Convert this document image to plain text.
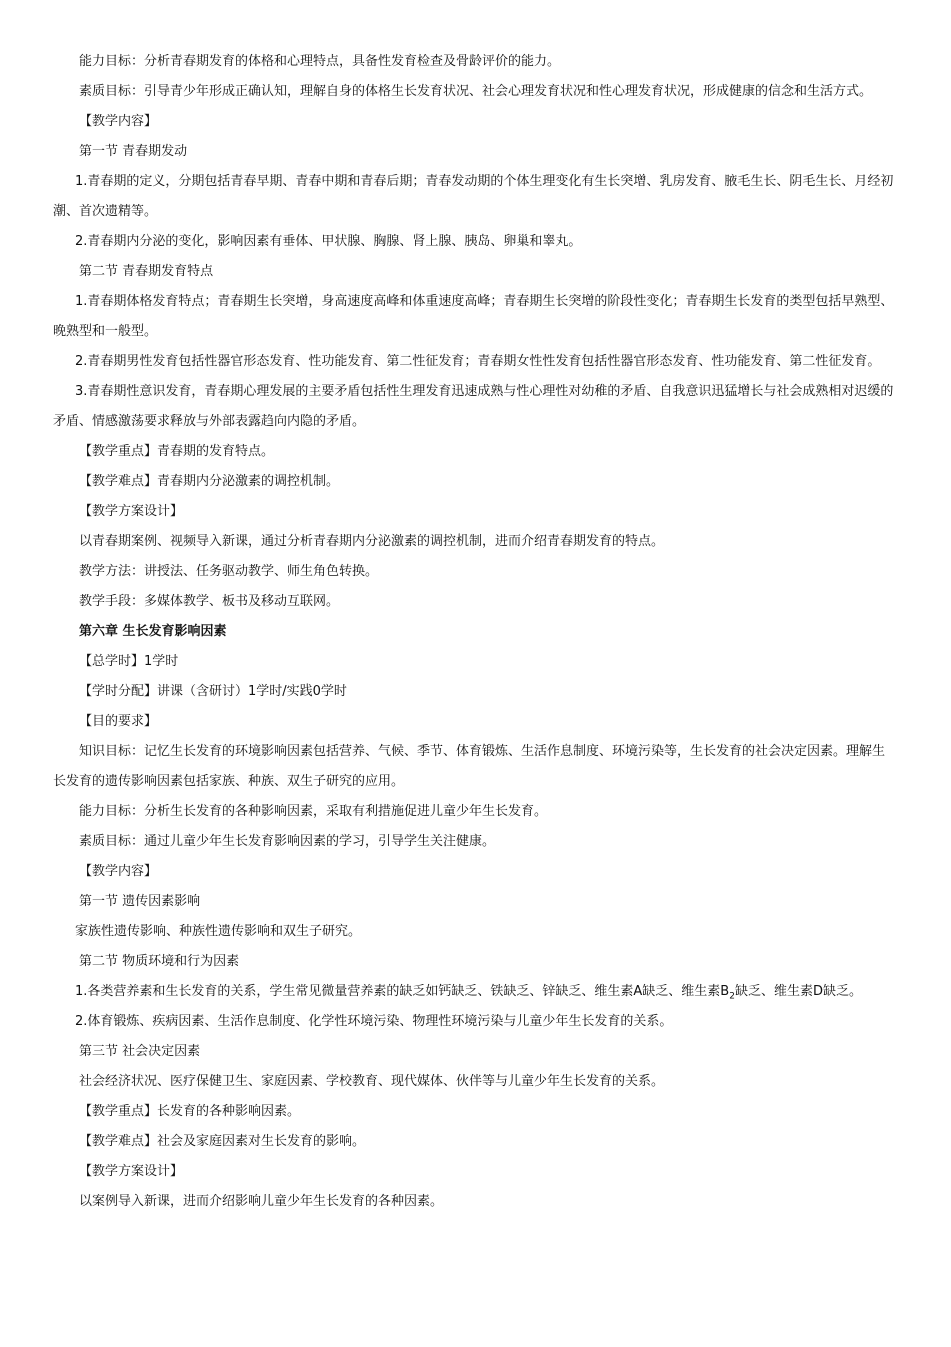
能力目标：分析青春期发育的体格和心理特点，具备性发育检查及骨龄评价的能力。

素质目标：引导青少年形成正确认知，理解自身的体格生长发育状况、社会心理发育状况和性心理发育状况，形成健康的信念和生活方式。

【教学内容】

第一节 青春期发动

1.青春期的定义，分期包括青春早期、青春中期和青春后期；青春发动期的个体生理变化有生长突增、乳房发育、腋毛生长、阴毛生长、月经初潮、首次遗精等。

2.青春期内分泌的变化，影响因素有垂体、甲状腺、胸腺、肾上腺、胰岛、卵巢和睾丸。

第二节 青春期发育特点

1.青春期体格发育特点；青春期生长突增，身高速度高峰和体重速度高峰；青春期生长突增的阶段性变化；青春期生长发育的类型包括早熟型、晚熟型和一般型。

2.青春期男性发育包括性器官形态发育、性功能发育、第二性征发育；青春期女性性发育包括性器官形态发育、性功能发育、第二性征发育。

3.青春期性意识发育，青春期心理发展的主要矛盾包括性生理发育迅速成熟与性心理性对幼稚的矛盾、自我意识迅猛增长与社会成熟相对迟缓的矛盾、情感激荡要求释放与外部表露趋向内隐的矛盾。

【教学重点】青春期的发育特点。

【教学难点】青春期内分泌激素的调控机制。

【教学方案设计】

以青春期案例、视频导入新课，通过分析青春期内分泌激素的调控机制，进而介绍青春期发育的特点。

教学方法：讲授法、任务驱动教学、师生角色转换。

教学手段：多媒体教学、板书及移动互联网。

第六章 生长发育影响因素

【总学时】1学时

【学时分配】讲课（含研讨）1学时/实践0学时

【目的要求】

知识目标：记忆生长发育的环境影响因素包括营养、气候、季节、体育锻炼、生活作息制度、环境污染等，生长发育的社会决定因素。理解生长发育的遗传影响因素包括家族、种族、双生子研究的应用。

能力目标：分析生长发育的各种影响因素，采取有利措施促进儿童少年生长发育。

素质目标：通过儿童少年生长发育影响因素的学习，引导学生关注健康。

【教学内容】

第一节 遗传因素影响

家族性遗传影响、种族性遗传影响和双生子研究。

第二节 物质环境和行为因素

1.各类营养素和生长发育的关系，学生常见微量营养素的缺乏如钙缺乏、铁缺乏、锌缺乏、维生素A缺乏、维生素$B_2$缺乏、维生素D缺乏。

2.体育锻炼、疾病因素、生活作息制度、化学性环境污染、物理性环境污染与儿童少年生长发育的关系。

第三节 社会决定因素

社会经济状况、医疗保健卫生、家庭因素、学校教育、现代媒体、伙伴等与儿童少年生长发育的关系。

【教学重点】长发育的各种影响因素。

【教学难点】社会及家庭因素对生长发育的影响。

【教学方案设计】

以案例导入新课，进而介绍影响儿童少年生长发育的各种因素。
